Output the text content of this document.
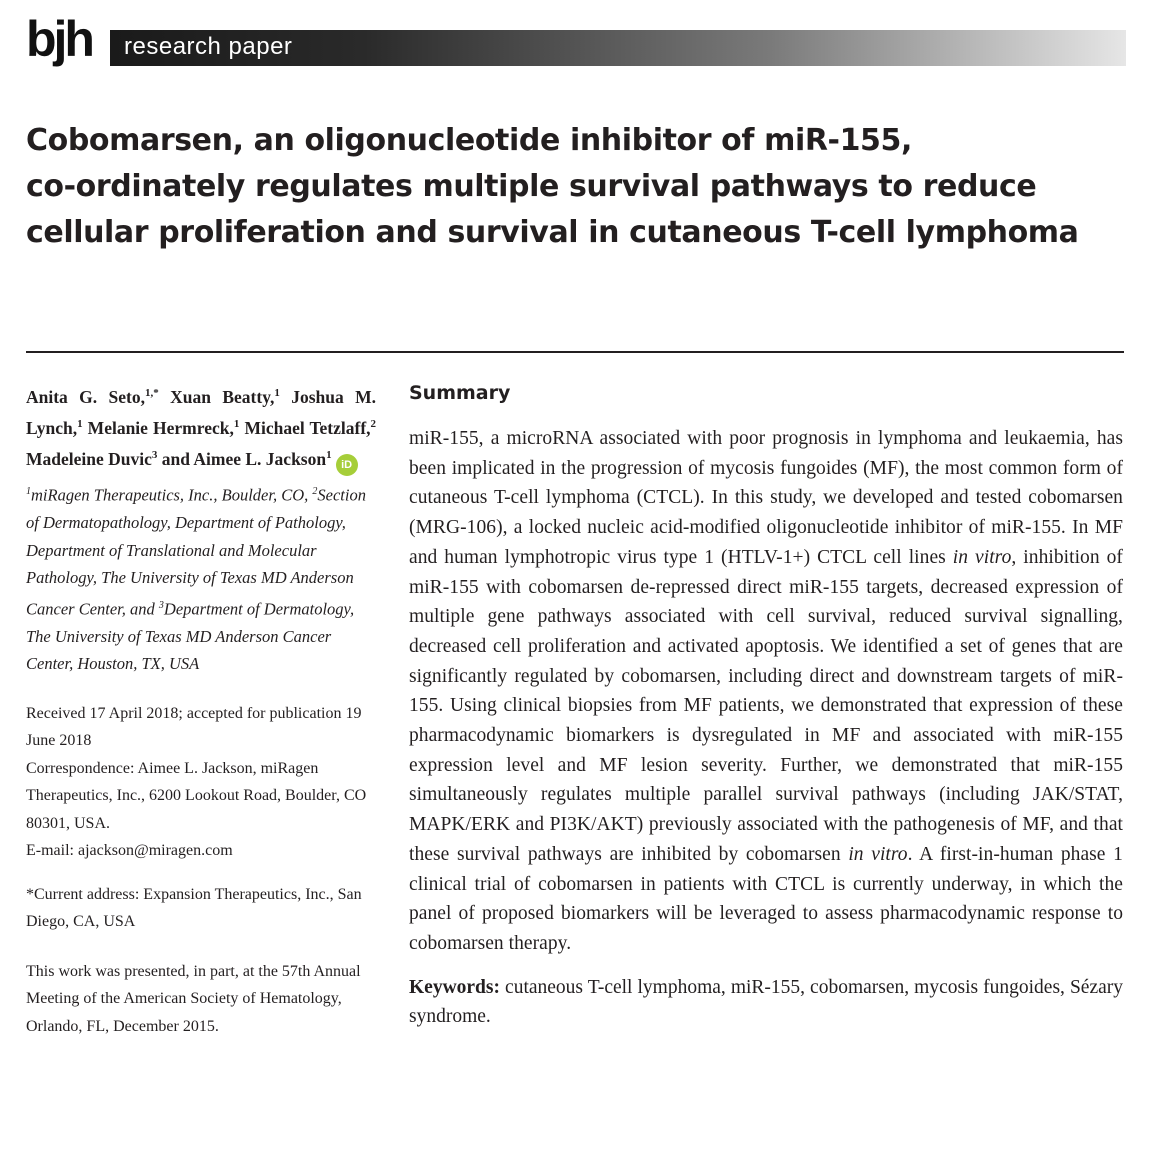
bjh research paper
Cobomarsen, an oligonucleotide inhibitor of miR-155,
co-ordinately regulates multiple survival pathways to reduce
cellular proliferation and survival in cutaneous T-cell lymphoma
Anita G. Seto,$^{1,*}$ Xuan Beatty,$^1$ Joshua M. Lynch,$^1$ Melanie Hermreck,$^1$ Michael Tetzlaff,$^2$ Madeleine Duvic$^3$ and Aimee L. Jackson$^1$iD
$^1$miRagen Therapeutics, Inc., Boulder, CO, $^2$Section of Dermatopathology, Department of Pathology, Department of Translational and Molecular Pathology, The University of Texas MD Anderson Cancer Center, and $^3$Department of Dermatology, The University of Texas MD Anderson Cancer Center, Houston, TX, USA
Received 17 April 2018; accepted for publication 19 June 2018
Correspondence: Aimee L. Jackson, miRagen Therapeutics, Inc., 6200 Lookout Road, Boulder, CO 80301, USA.
E-mail: ajackson@miragen.com
*Current address: Expansion Therapeutics, Inc., San Diego, CA, USA
This work was presented, in part, at the 57th Annual Meeting of the American Society of Hematology, Orlando, FL, December 2015.
Summary
miR-155, a microRNA associated with poor prognosis in lymphoma and leukaemia, has been implicated in the progression of mycosis fungoides (MF), the most common form of cutaneous T-cell lymphoma (CTCL). In this study, we developed and tested cobomarsen (MRG-106), a locked nucleic acid-modified oligonucleotide inhibitor of miR-155. In MF and human lymphotropic virus type 1 (HTLV-1+) CTCL cell lines in vitro, inhibition of miR-155 with cobomarsen de-repressed direct miR-155 targets, decreased expression of multiple gene pathways associated with cell survival, reduced survival signalling, decreased cell proliferation and activated apoptosis. We identified a set of genes that are significantly regulated by cobomarsen, including direct and downstream targets of miR-155. Using clinical biopsies from MF patients, we demonstrated that expression of these pharmacodynamic biomarkers is dysregulated in MF and associated with miR-155 expression level and MF lesion severity. Further, we demonstrated that miR-155 simultaneously regulates multiple parallel survival pathways (including JAK/STAT, MAPK/ERK and PI3K/AKT) previously associated with the pathogenesis of MF, and that these survival pathways are inhibited by cobomarsen in vitro. A first-in-human phase 1 clinical trial of cobomarsen in patients with CTCL is currently underway, in which the panel of proposed biomarkers will be leveraged to assess pharmacodynamic response to cobomarsen therapy.
Keywords: cutaneous T-cell lymphoma, miR-155, cobomarsen, mycosis fungoides, Sézary syndrome.
